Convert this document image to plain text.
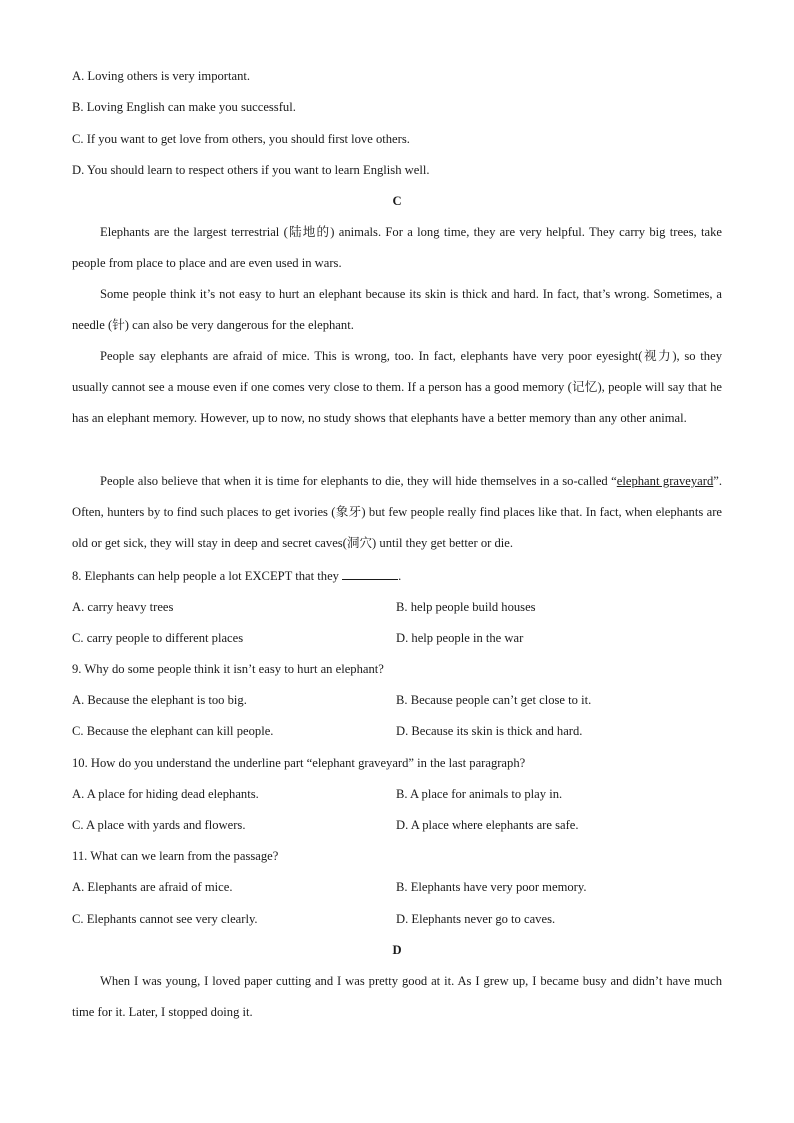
A. Loving others is very important.
B. Loving English can make you successful.
C. If you want to get love from others, you should first love others.
D. You should learn to respect others if you want to learn English well.
C
Elephants are the largest terrestrial (陆地的) animals. For a long time, they are very helpful. They carry big trees, take people from place to place and are even used in wars.
Some people think it’s not easy to hurt an elephant because its skin is thick and hard. In fact, that’s wrong. Sometimes, a needle (针) can also be very dangerous for the elephant.
People say elephants are afraid of mice. This is wrong, too. In fact, elephants have very poor eyesight(视力), so they usually cannot see a mouse even if one comes very close to them. If a person has a good memory (记忆), people will say that he has an elephant memory. However, up to now, no study shows that elephants have a better memory than any other animal.
People also believe that when it is time for elephants to die, they will hide themselves in a so-called “elephant graveyard”. Often, hunters by to find such places to get ivories (象牙) but few people really find places like that. In fact, when elephants are old or get sick, they will stay in deep and secret caves(洞穴) until they get better or die.
8. Elephants can help people a lot EXCEPT that they	.
A. carry heavy trees	B. help people build houses
C. carry people to different places	D. help people in the war
9. Why do some people think it isn’t easy to hurt an elephant?
A. Because the elephant is too big.	B. Because people can’t get close to it.
C. Because the elephant can kill people.	D. Because its skin is thick and hard.
10. How do you understand the underline part “elephant graveyard” in the last paragraph?
A. A place for hiding dead elephants.	B. A place for animals to play in.
C. A place with yards and flowers.	D. A place where elephants are safe.
11. What can we learn from the passage?
A. Elephants are afraid of mice.	B. Elephants have very poor memory.
C. Elephants cannot see very clearly.	D. Elephants never go to caves.
D
When I was young, I loved paper cutting and I was pretty good at it. As I grew up, I became busy and didn’t have much time for it. Later, I stopped doing it.
